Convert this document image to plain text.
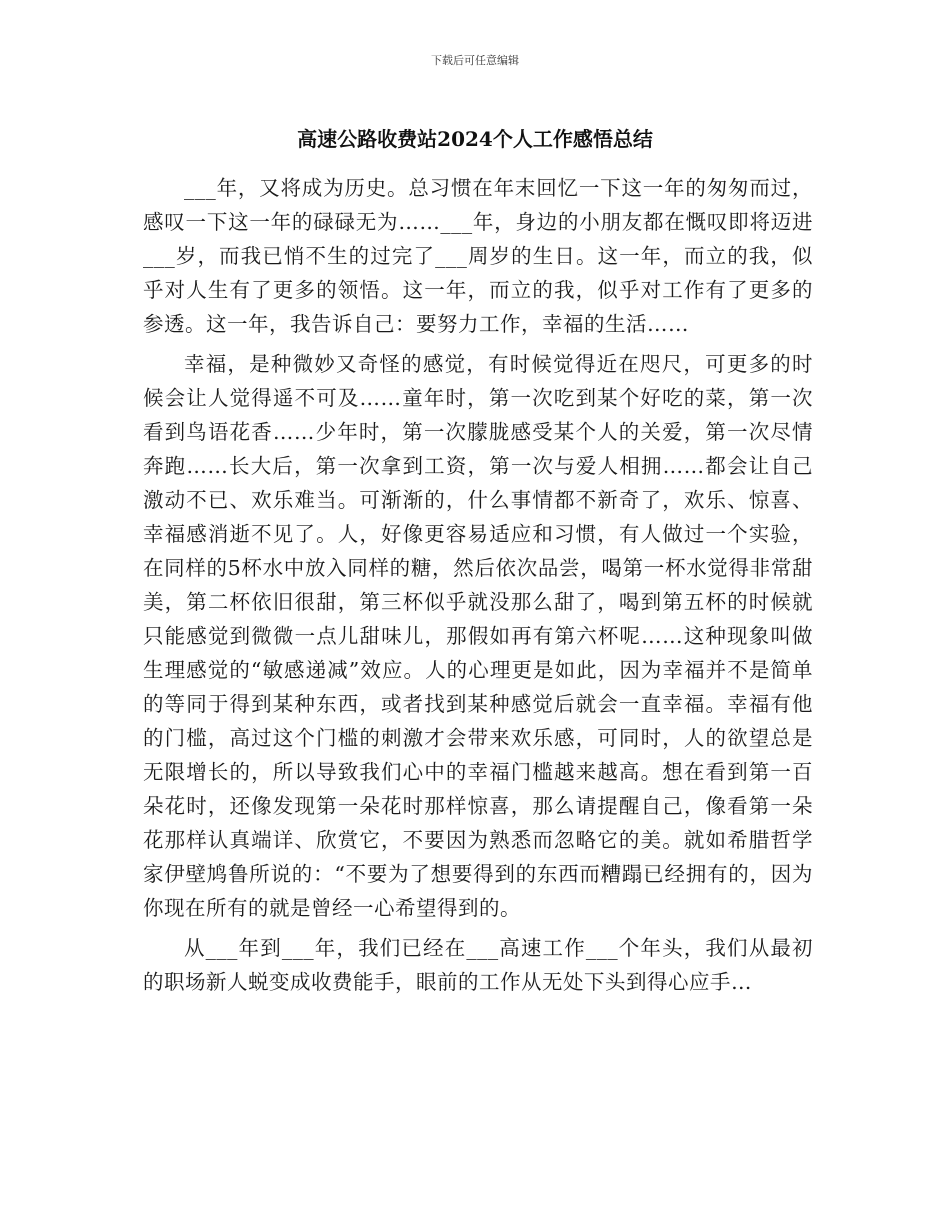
下载后可任意编辑
高速公路收费站2024个人工作感悟总结

___年，又将成为历史。总习惯在年末回忆一下这一年的匆匆而过，感叹一下这一年的碌碌无为……___年，身边的小朋友都在慨叹即将迈进___岁，而我已悄不生的过完了___周岁的生日。这一年，而立的我，似乎对人生有了更多的领悟。这一年，而立的我，似乎对工作有了更多的参透。这一年，我告诉自己：要努力工作，幸福的生活……

幸福，是种微妙又奇怪的感觉，有时候觉得近在咫尺，可更多的时候会让人觉得遥不可及……童年时，第一次吃到某个好吃的菜，第一次看到鸟语花香……少年时，第一次朦胧感受某个人的关爱，第一次尽情奔跑……长大后，第一次拿到工资，第一次与爱人相拥……都会让自己激动不已、欢乐难当。可渐渐的，什么事情都不新奇了，欢乐、惊喜、幸福感消逝不见了。人，好像更容易适应和习惯，有人做过一个实验，在同样的5杯水中放入同样的糖，然后依次品尝，喝第一杯水觉得非常甜美，第二杯依旧很甜，第三杯似乎就没那么甜了，喝到第五杯的时候就只能感觉到微微一点儿甜味儿，那假如再有第六杯呢……这种现象叫做生理感觉的“敏感递减”效应。人的心理更是如此，因为幸福并不是简单的等同于得到某种东西，或者找到某种感觉后就会一直幸福。幸福有他的门槛，高过这个门槛的刺激才会带来欢乐感，可同时，人的欲望总是无限增长的，所以导致我们心中的幸福门槛越来越高。想在看到第一百朵花时，还像发现第一朵花时那样惊喜，那么请提醒自己，像看第一朵花那样认真端详、欣赏它，不要因为熟悉而忽略它的美。就如希腊哲学家伊壁鸠鲁所说的：“不要为了想要得到的东西而糟蹋已经拥有的，因为你现在所有的就是曾经一心希望得到的。

从___年到___年，我们已经在___高速工作___个年头，我们从最初的职场新人蜕变成收费能手，眼前的工作从无处下头到得心应手…
